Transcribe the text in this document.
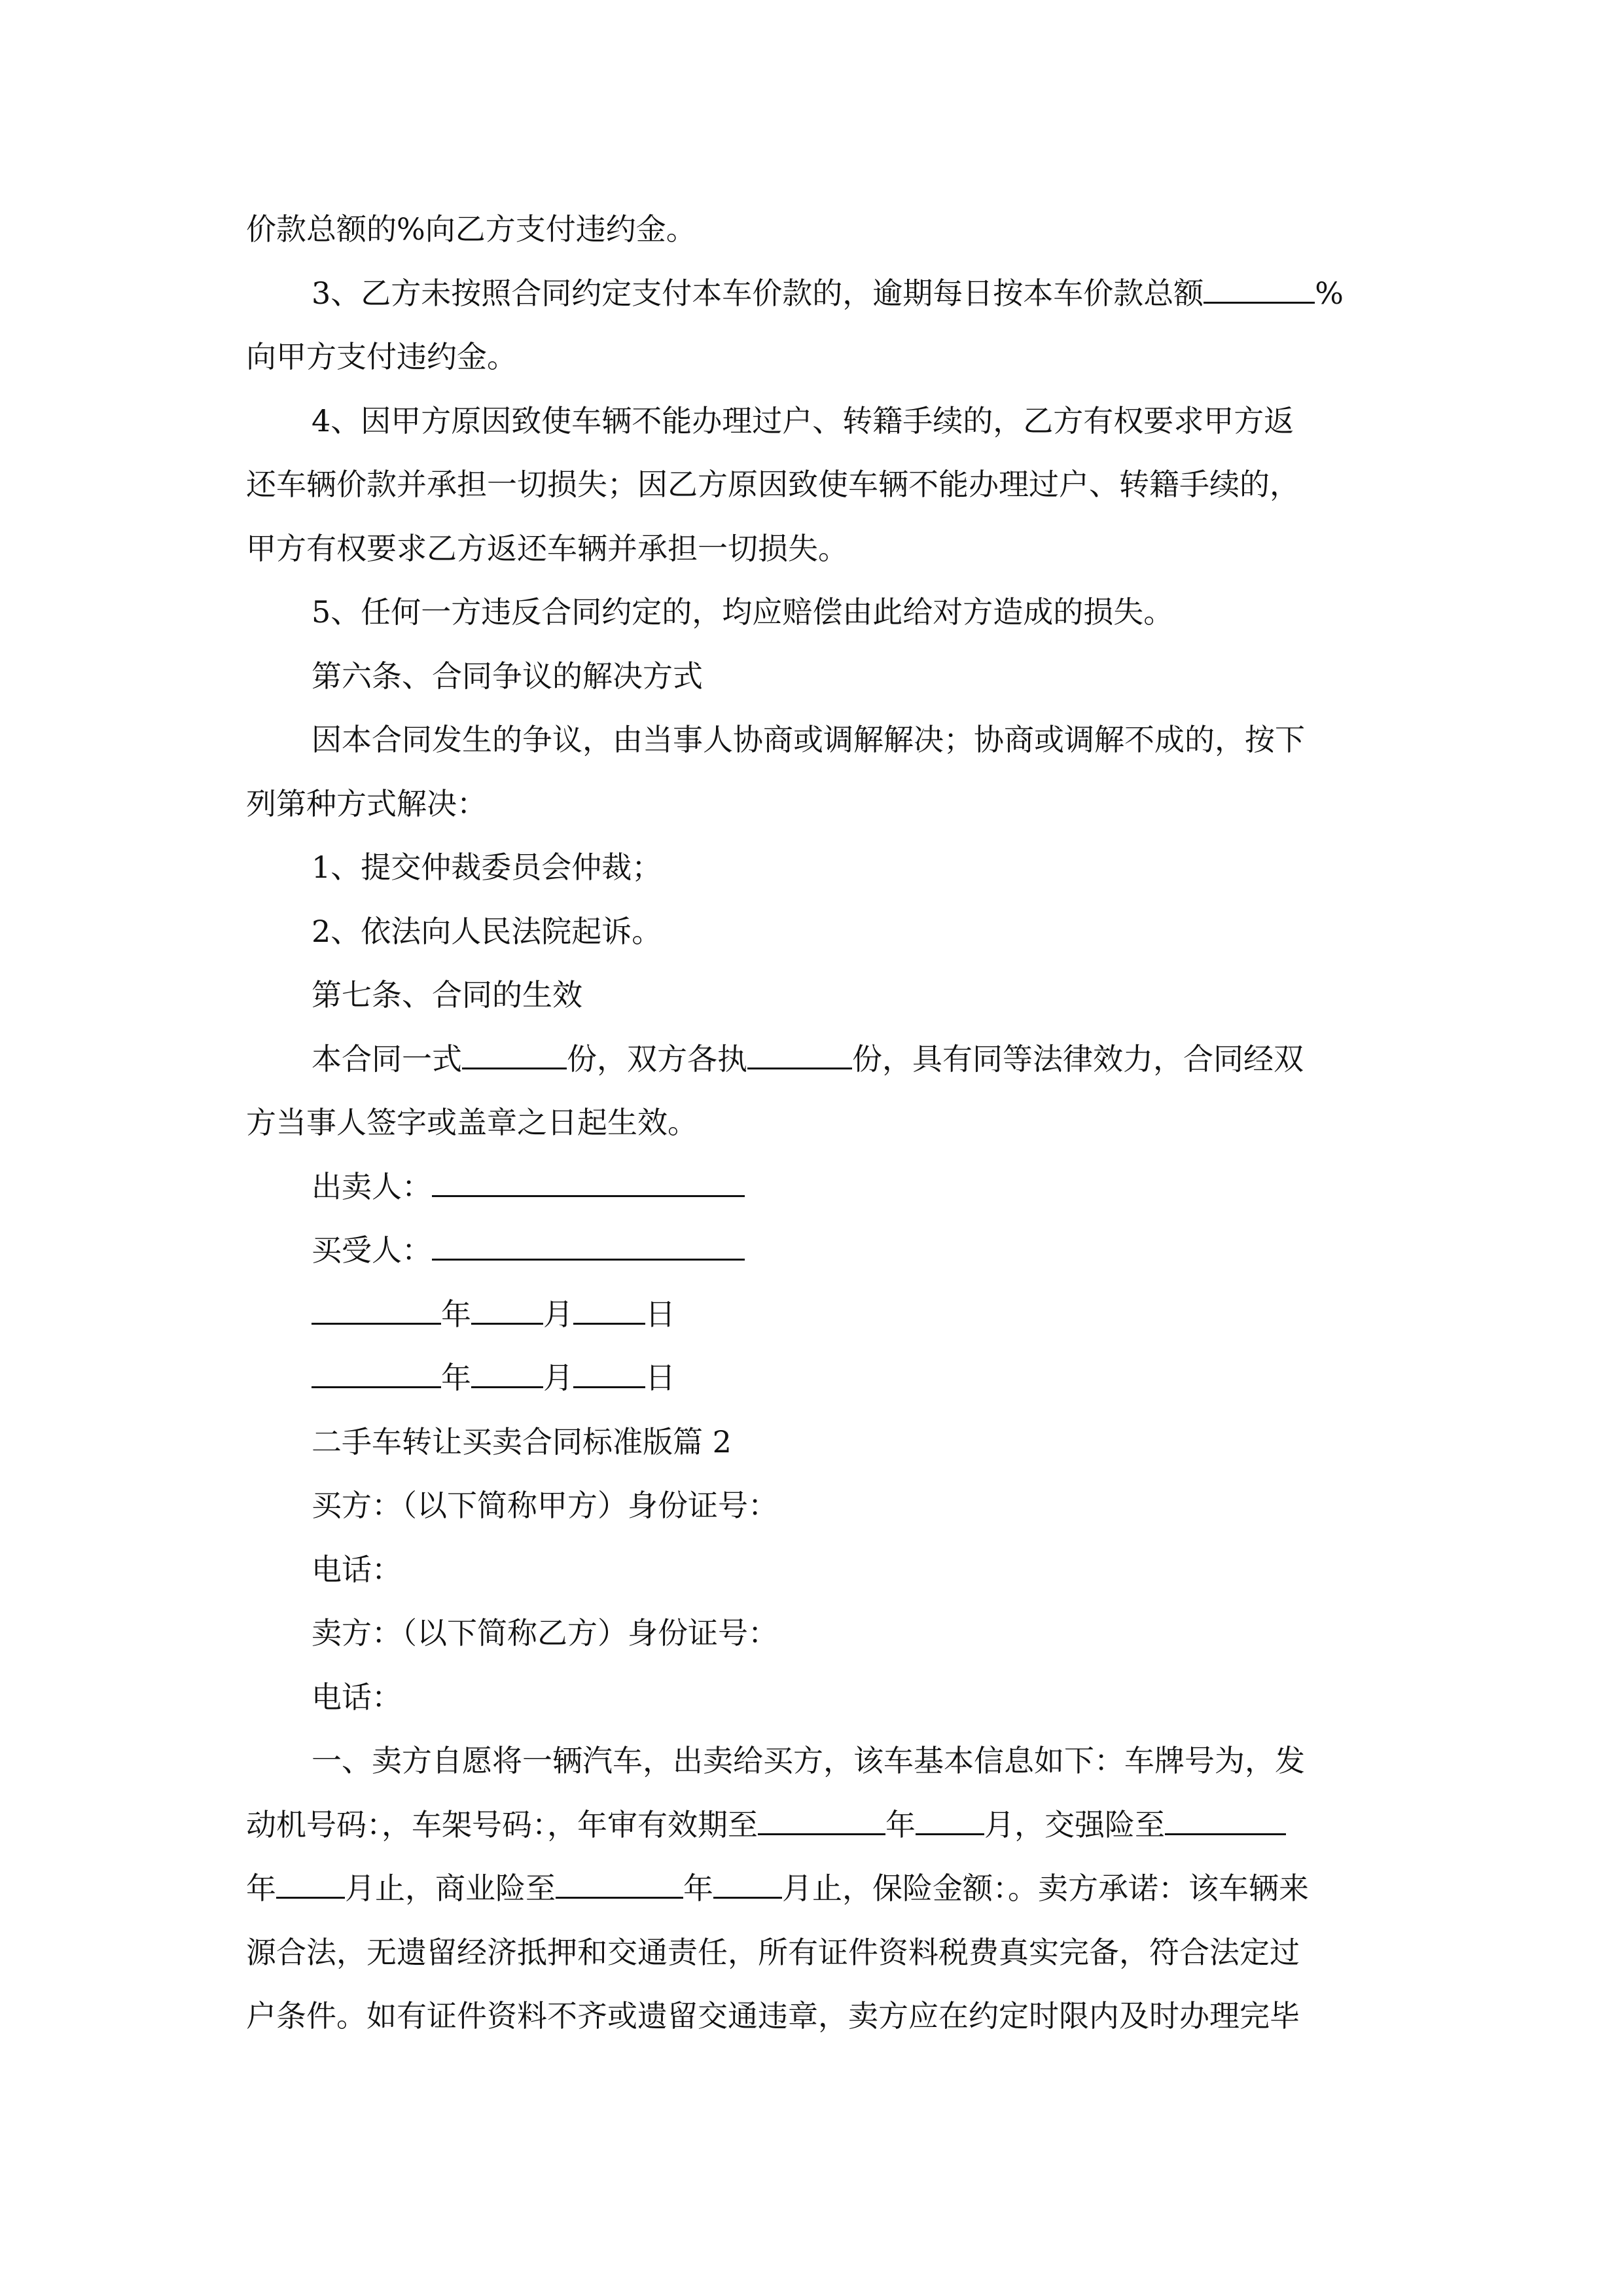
价款总额的%向乙方支付违约金。

3、乙方未按照合同约定支付本车价款的，逾期每日按本车价款总额	%

向甲方支付违约金。

4、因甲方原因致使车辆不能办理过户、转籍手续的，乙方有权要求甲方返

还车辆价款并承担一切损失；因乙方原因致使车辆不能办理过户、转籍手续的，

甲方有权要求乙方返还车辆并承担一切损失。

5、任何一方违反合同约定的，均应赔偿由此给对方造成的损失。

第六条、合同争议的解决方式

因本合同发生的争议，由当事人协商或调解解决；协商或调解不成的，按下

列第种方式解决：

1、提交仲裁委员会仲裁；

2、依法向人民法院起诉。

第七条、合同的生效

本合同一式	份，双方各执	份，具有同等法律效力，合同经双

方当事人签字或盖章之日起生效。

出卖人：

买受人：

年 月 日

年 月 日

二手车转让买卖合同标准版篇 2

买方：（以下简称甲方）身份证号：

电话：

卖方：（以下简称乙方）身份证号：

电话：

一、卖方自愿将一辆汽车，出卖给买方，该车基本信息如下：车牌号为，发

动机号码：，车架号码：，年审有效期至	年 月，交强险至

年 月止，商业险至	年 月止，保险金额：。卖方承诺：该车辆来

源合法，无遗留经济抵押和交通责任，所有证件资料税费真实完备，符合法定过

户条件。如有证件资料不齐或遗留交通违章，卖方应在约定时限内及时办理完毕
